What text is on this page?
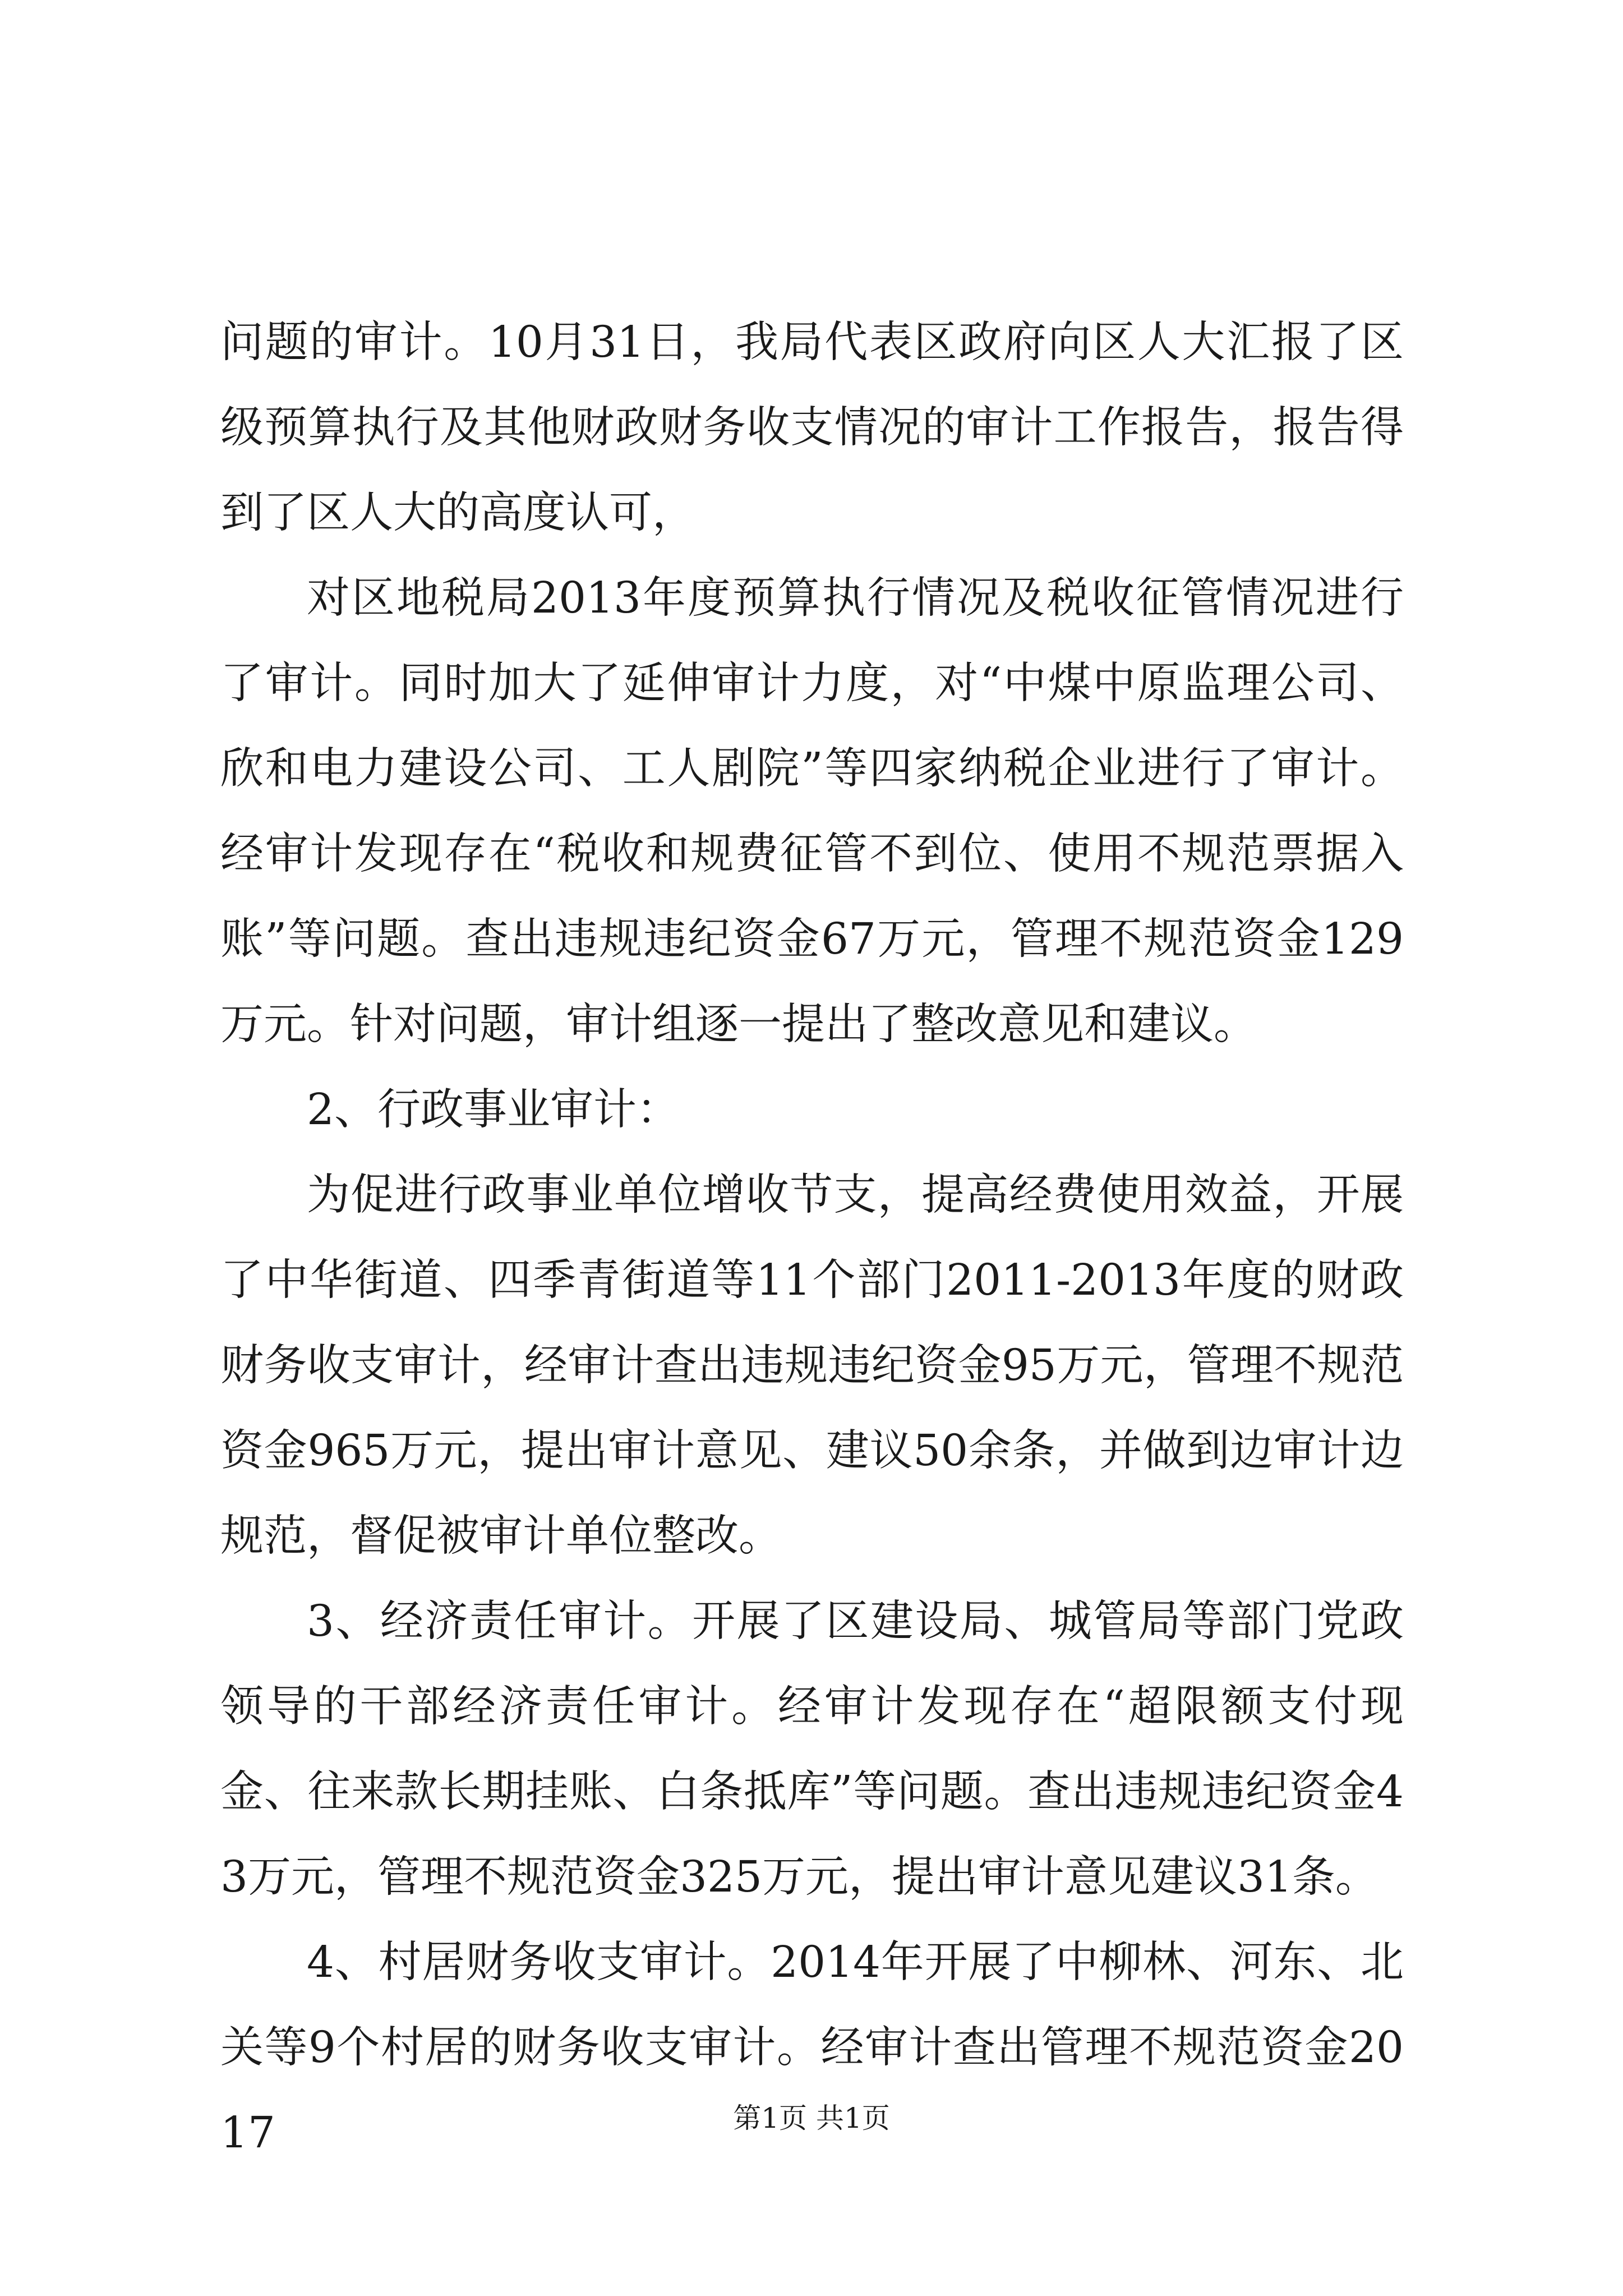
问题的审计。10月31日，我局代表区政府向区人大汇报了区级预算执行及其他财政财务收支情况的审计工作报告，报告得到了区人大的高度认可，

对区地税局2013年度预算执行情况及税收征管情况进行了审计。同时加大了延伸审计力度，对“中煤中原监理公司、欣和电力建设公司、工人剧院”等四家纳税企业进行了审计。经审计发现存在“税收和规费征管不到位、使用不规范票据入账”等问题。查出违规违纪资金67万元，管理不规范资金129万元。针对问题，审计组逐一提出了整改意见和建议。

2、行政事业审计：

为促进行政事业单位增收节支，提高经费使用效益，开展了中华街道、四季青街道等11个部门2011-2013年度的财政财务收支审计，经审计查出违规违纪资金95万元，管理不规范资金965万元，提出审计意见、建议50余条，并做到边审计边规范，督促被审计单位整改。

3、经济责任审计。开展了区建设局、城管局等部门党政领导的干部经济责任审计。经审计发现存在“超限额支付现金、往来款长期挂账、白条抵库”等问题。查出违规违纪资金43万元，管理不规范资金325万元，提出审计意见建议31条。

4、村居财务收支审计。2014年开展了中柳林、河东、北关等9个村居的财务收支审计。经审计查出管理不规范资金2017	第1页 共1页
